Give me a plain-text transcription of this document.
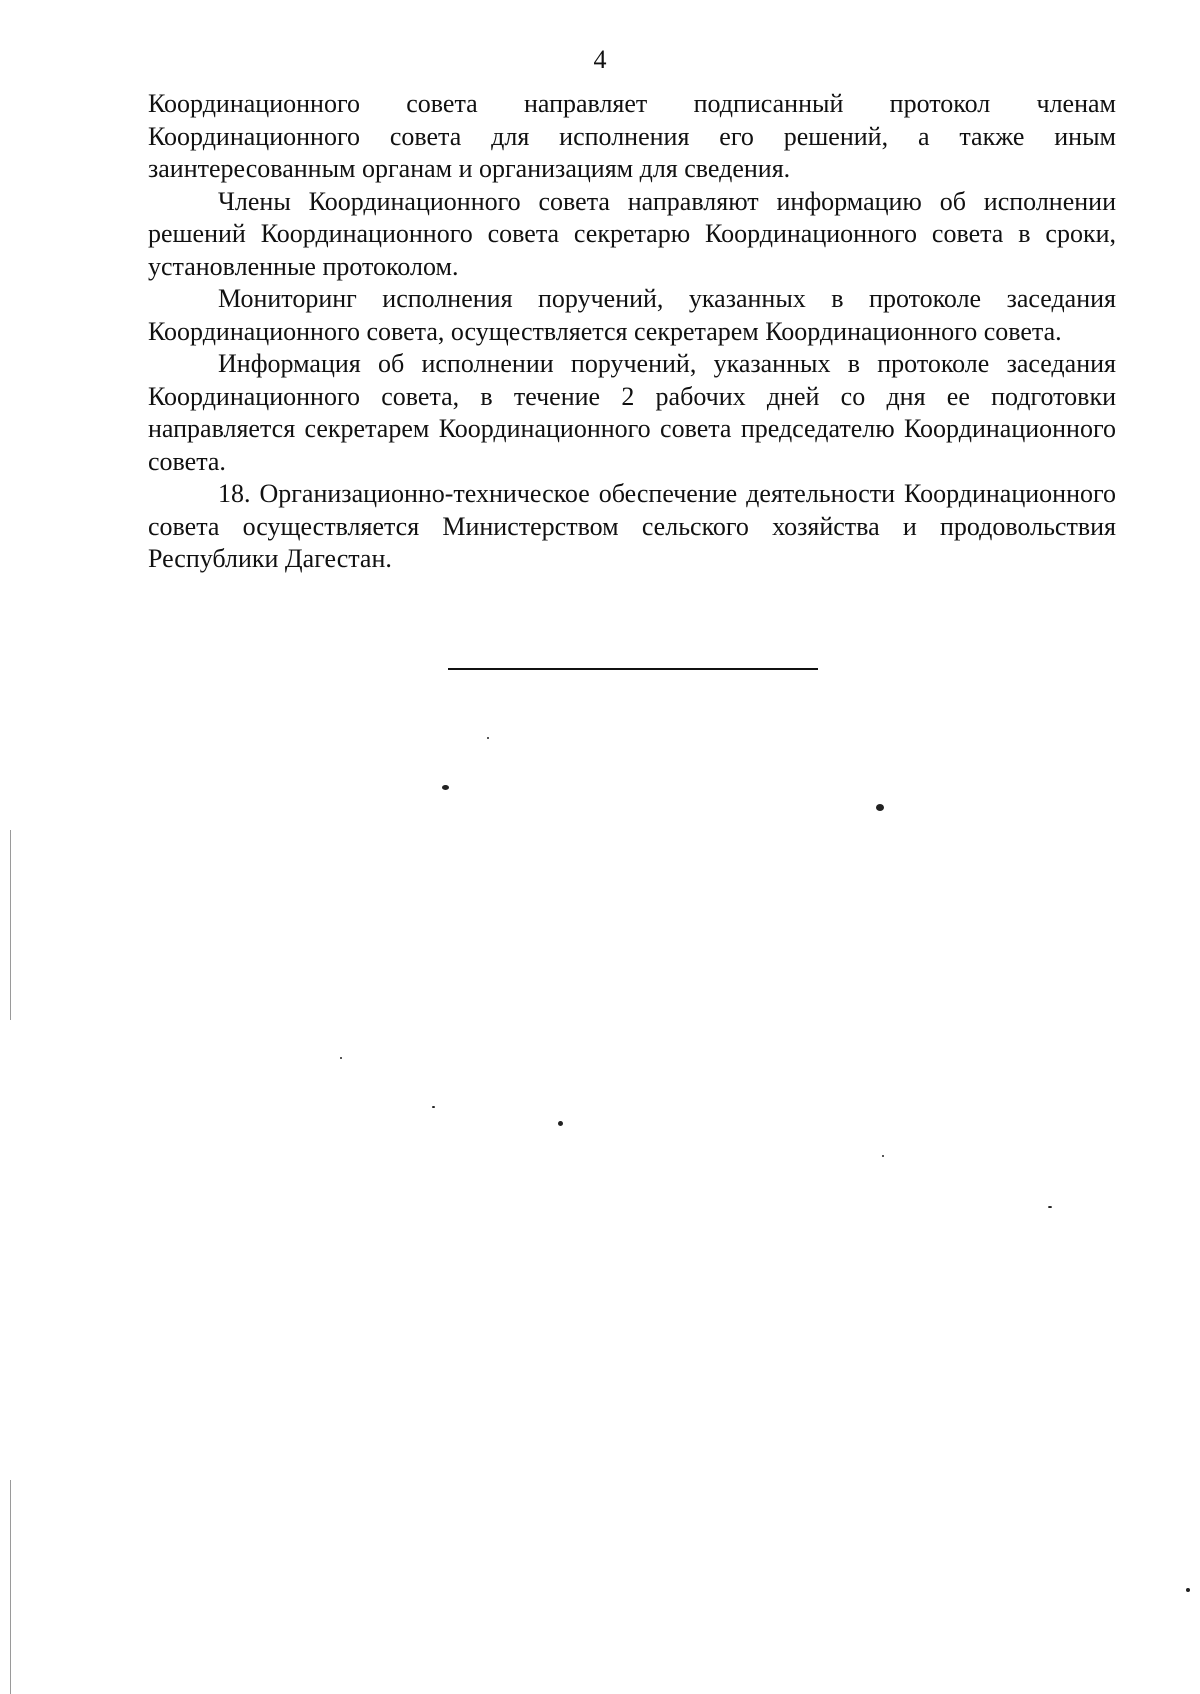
4

Координационного совета направляет подписанный протокол членам Координационного совета для исполнения его решений, а также иным заинтересованным органам и организациям для сведения.

Члены Координационного совета направляют информацию об исполнении решений Координационного совета секретарю Координационного совета в сроки, установленные протоколом.

Мониторинг исполнения поручений, указанных в протоколе заседания Координационного совета, осуществляется секретарем Координационного совета.

Информация об исполнении поручений, указанных в протоколе заседания Координационного совета, в течение 2 рабочих дней со дня ее подготовки направляется секретарем Координационного совета председателю Координационного совета.

18. Организационно-техническое обеспечение деятельности Координационного совета осуществляется Министерством сельского хозяйства и продовольствия Республики Дагестан.
